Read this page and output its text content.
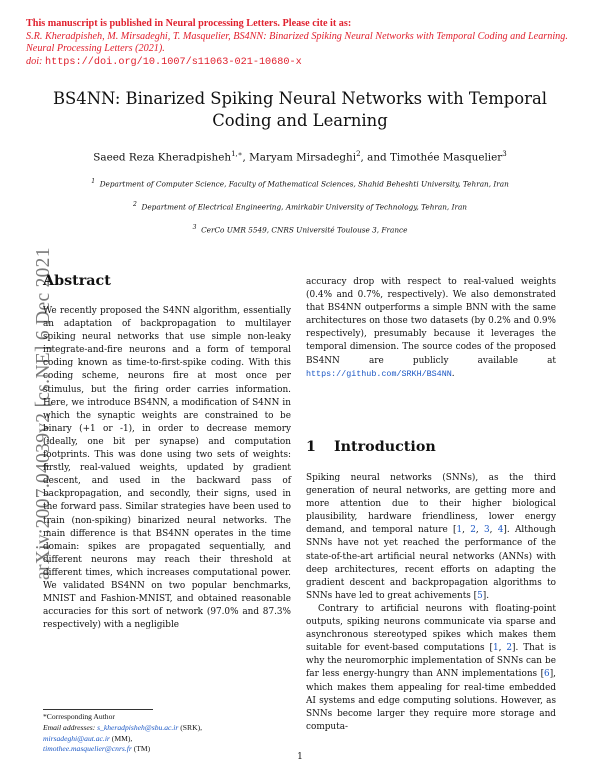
This manuscript is published in Neural processing Letters. Please cite it as:
S.R. Kheradpisheh, M. Mirsadeghi, T. Masquelier, BS4NN: Binarized Spiking Neural Networks with Temporal Coding and Learning. Neural Processing Letters (2021).
doi: https://doi.org/10.1007/s11063-021-10680-x
BS4NN: Binarized Spiking Neural Networks with Temporal Coding and Learning
Saeed Reza Kheradpisheh$^{1,∗}$, Maryam Mirsadeghi$^2$, and Timothée Masquelier$^3$
$^1$ Department of Computer Science, Faculty of Mathematical Sciences, Shahid Beheshti University, Tehran, Iran
$^2$ Department of Electrical Engineering, Amirkabir University of Technology, Tehran, Iran
$^3$ CerCo UMR 5549, CNRS Université Toulouse 3, France
arXiv:2007.04039v2 [cs.NE] 6 Dec 2021
Abstract

We recently proposed the S4NN algorithm, essentially an adaptation of backpropagation to multilayer spiking neural networks that use simple non-leaky integrate-and-fire neurons and a form of temporal coding known as time-to-first-spike coding. With this coding scheme, neurons fire at most once per stimulus, but the firing order carries information. Here, we introduce BS4NN, a modification of S4NN in which the synaptic weights are constrained to be binary (+1 or -1), in order to decrease memory (ideally, one bit per synapse) and computation footprints. This was done using two sets of weights: firstly, real-valued weights, updated by gradient descent, and used in the backward pass of backpropagation, and secondly, their signs, used in the forward pass. Similar strategies have been used to train (non-spiking) binarized neural networks. The main difference is that BS4NN operates in the time domain: spikes are propagated sequentially, and different neurons may reach their threshold at different times, which increases computational power. We validated BS4NN on two popular benchmarks, MNIST and Fashion-MNIST, and obtained reasonable accuracies for this sort of network (97.0% and 87.3% respectively) with a negligible

accuracy drop with respect to real-valued weights (0.4% and 0.7%, respectively). We also demonstrated that BS4NN outperforms a simple BNN with the same architectures on those two datasets (by 0.2% and 0.9% respectively), presumably because it leverages the temporal dimension. The source codes of the proposed BS4NN are publicly available at https://github.com/SRKH/BS4NN.

1 Introduction

Spiking neural networks (SNNs), as the third generation of neural networks, are getting more and more attention due to their higher biological plausibility, hardware friendliness, lower energy demand, and temporal nature [1, 2, 3, 4]. Although SNNs have not yet reached the performance of the state-of-the-art artificial neural networks (ANNs) with deep architectures, recent efforts on adapting the gradient descent and backpropagation algorithms to SNNs have led to great achivements [5].

Contrary to artificial neurons with floating-point outputs, spiking neurons communicate via sparse and asynchronous stereotyped spikes which makes them suitable for event-based computations [1, 2]. That is why the neuromorphic implementation of SNNs can be far less energy-hungry than ANN implementations [6], which makes them appealing for real-time embedded AI systems and edge computing solutions. However, as SNNs become larger they require more storage and computa-

*Corresponding Author
Email addresses: s_kheradpisheh@sbu.ac.ir (SRK),
mirsadeghi@aut.ac.ir (MM),
timothee.masquelier@cnrs.fr (TM)
1
